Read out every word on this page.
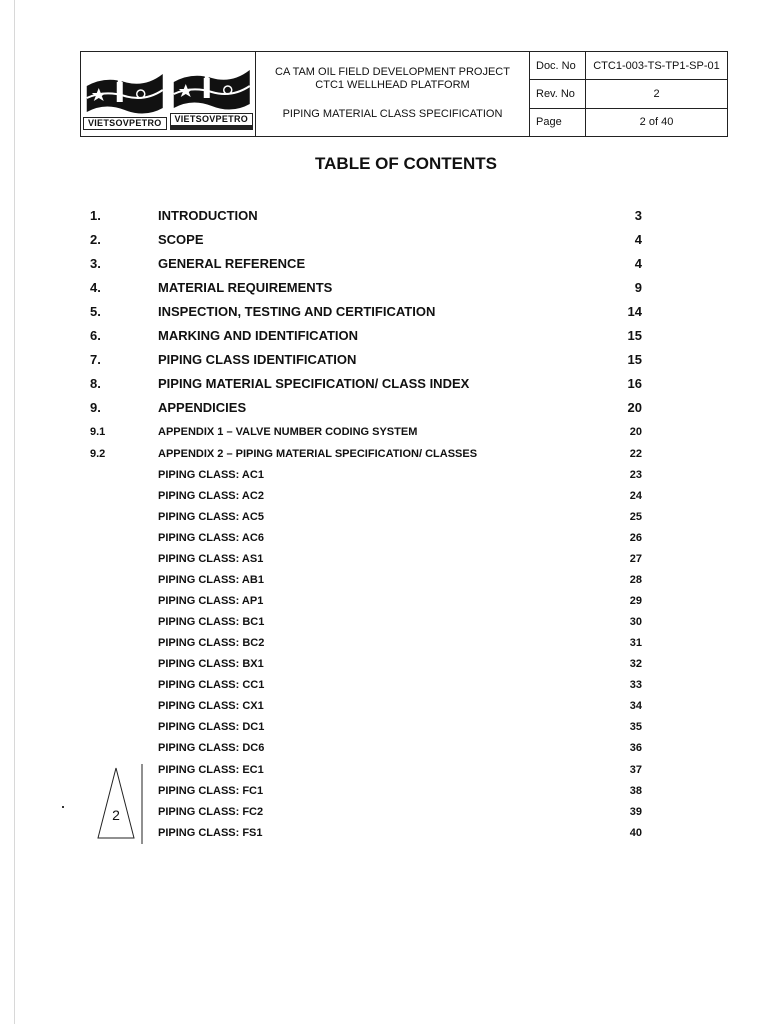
VIETSOVPETRO	VIETSOVPETRO

CA TAM OIL FIELD DEVELOPMENT PROJECT
CTC1 WELLHEAD PLATFORM
PIPING MATERIAL CLASS SPECIFICATION
Doc. No	CTC1-003-TS-TP1-SP-01
Rev. No	2
Page	2 of 40
TABLE OF CONTENTS
1.	INTRODUCTION	3
2.	SCOPE	4
3.	GENERAL REFERENCE	4
4.	MATERIAL REQUIREMENTS	9
5.	INSPECTION, TESTING AND CERTIFICATION	14
6.	MARKING AND IDENTIFICATION	15
7.	PIPING CLASS IDENTIFICATION	15
8.	PIPING MATERIAL SPECIFICATION/ CLASS INDEX	16
9.	APPENDICIES	20
9.1	APPENDIX 1 – VALVE NUMBER CODING SYSTEM	20
9.2	APPENDIX 2 – PIPING MATERIAL SPECIFICATION/ CLASSES	22
PIPING CLASS: AC1	23
PIPING CLASS: AC2	24
PIPING CLASS: AC5	25
PIPING CLASS: AC6	26
PIPING CLASS: AS1	27
PIPING CLASS: AB1	28
PIPING CLASS: AP1	29
PIPING CLASS: BC1	30
PIPING CLASS: BC2	31
PIPING CLASS: BX1	32
PIPING CLASS: CC1	33
PIPING CLASS: CX1	34
PIPING CLASS: DC1	35
PIPING CLASS: DC6	36
PIPING CLASS: EC1	37
PIPING CLASS: FC1	38
PIPING CLASS: FC2	39
PIPING CLASS: FS1	40
2
